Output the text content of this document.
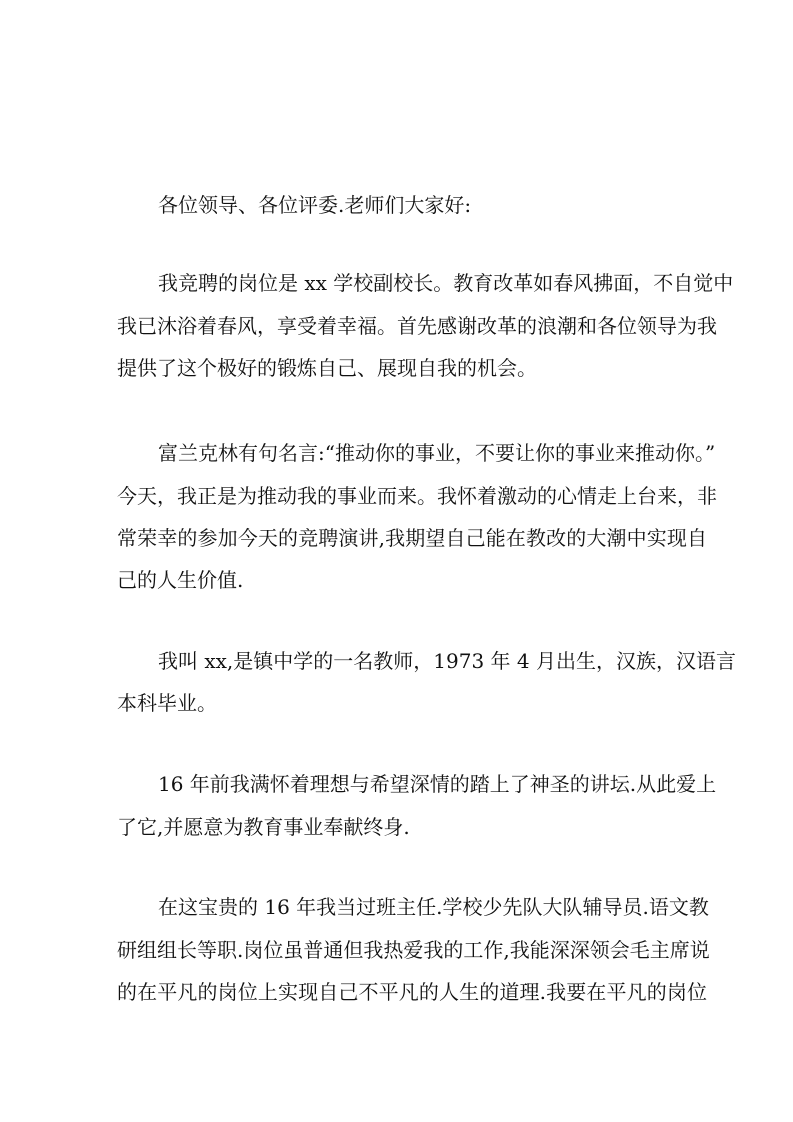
各位领导、各位评委.老师们大家好:
我竞聘的岗位是 xx 学校副校长。教育改革如春风拂面，不自觉中
我已沐浴着春风，享受着幸福。首先感谢改革的浪潮和各位领导为我
提供了这个极好的锻炼自己、展现自我的机会。
富兰克林有句名言:“推动你的事业，不要让你的事业来推动你。”
今天，我正是为推动我的事业而来。我怀着激动的心情走上台来，非
常荣幸的参加今天的竞聘演讲,我期望自己能在教改的大潮中实现自
己的人生价值.
我叫 xx,是镇中学的一名教师，1973 年 4 月出生，汉族，汉语言
本科毕业。
16 年前我满怀着理想与希望深情的踏上了神圣的讲坛.从此爱上
了它,并愿意为教育事业奉献终身.
在这宝贵的 16 年我当过班主任.学校少先队大队辅导员.语文教
研组组长等职.岗位虽普通但我热爱我的工作,我能深深领会毛主席说
的在平凡的岗位上实现自己不平凡的人生的道理.我要在平凡的岗位
